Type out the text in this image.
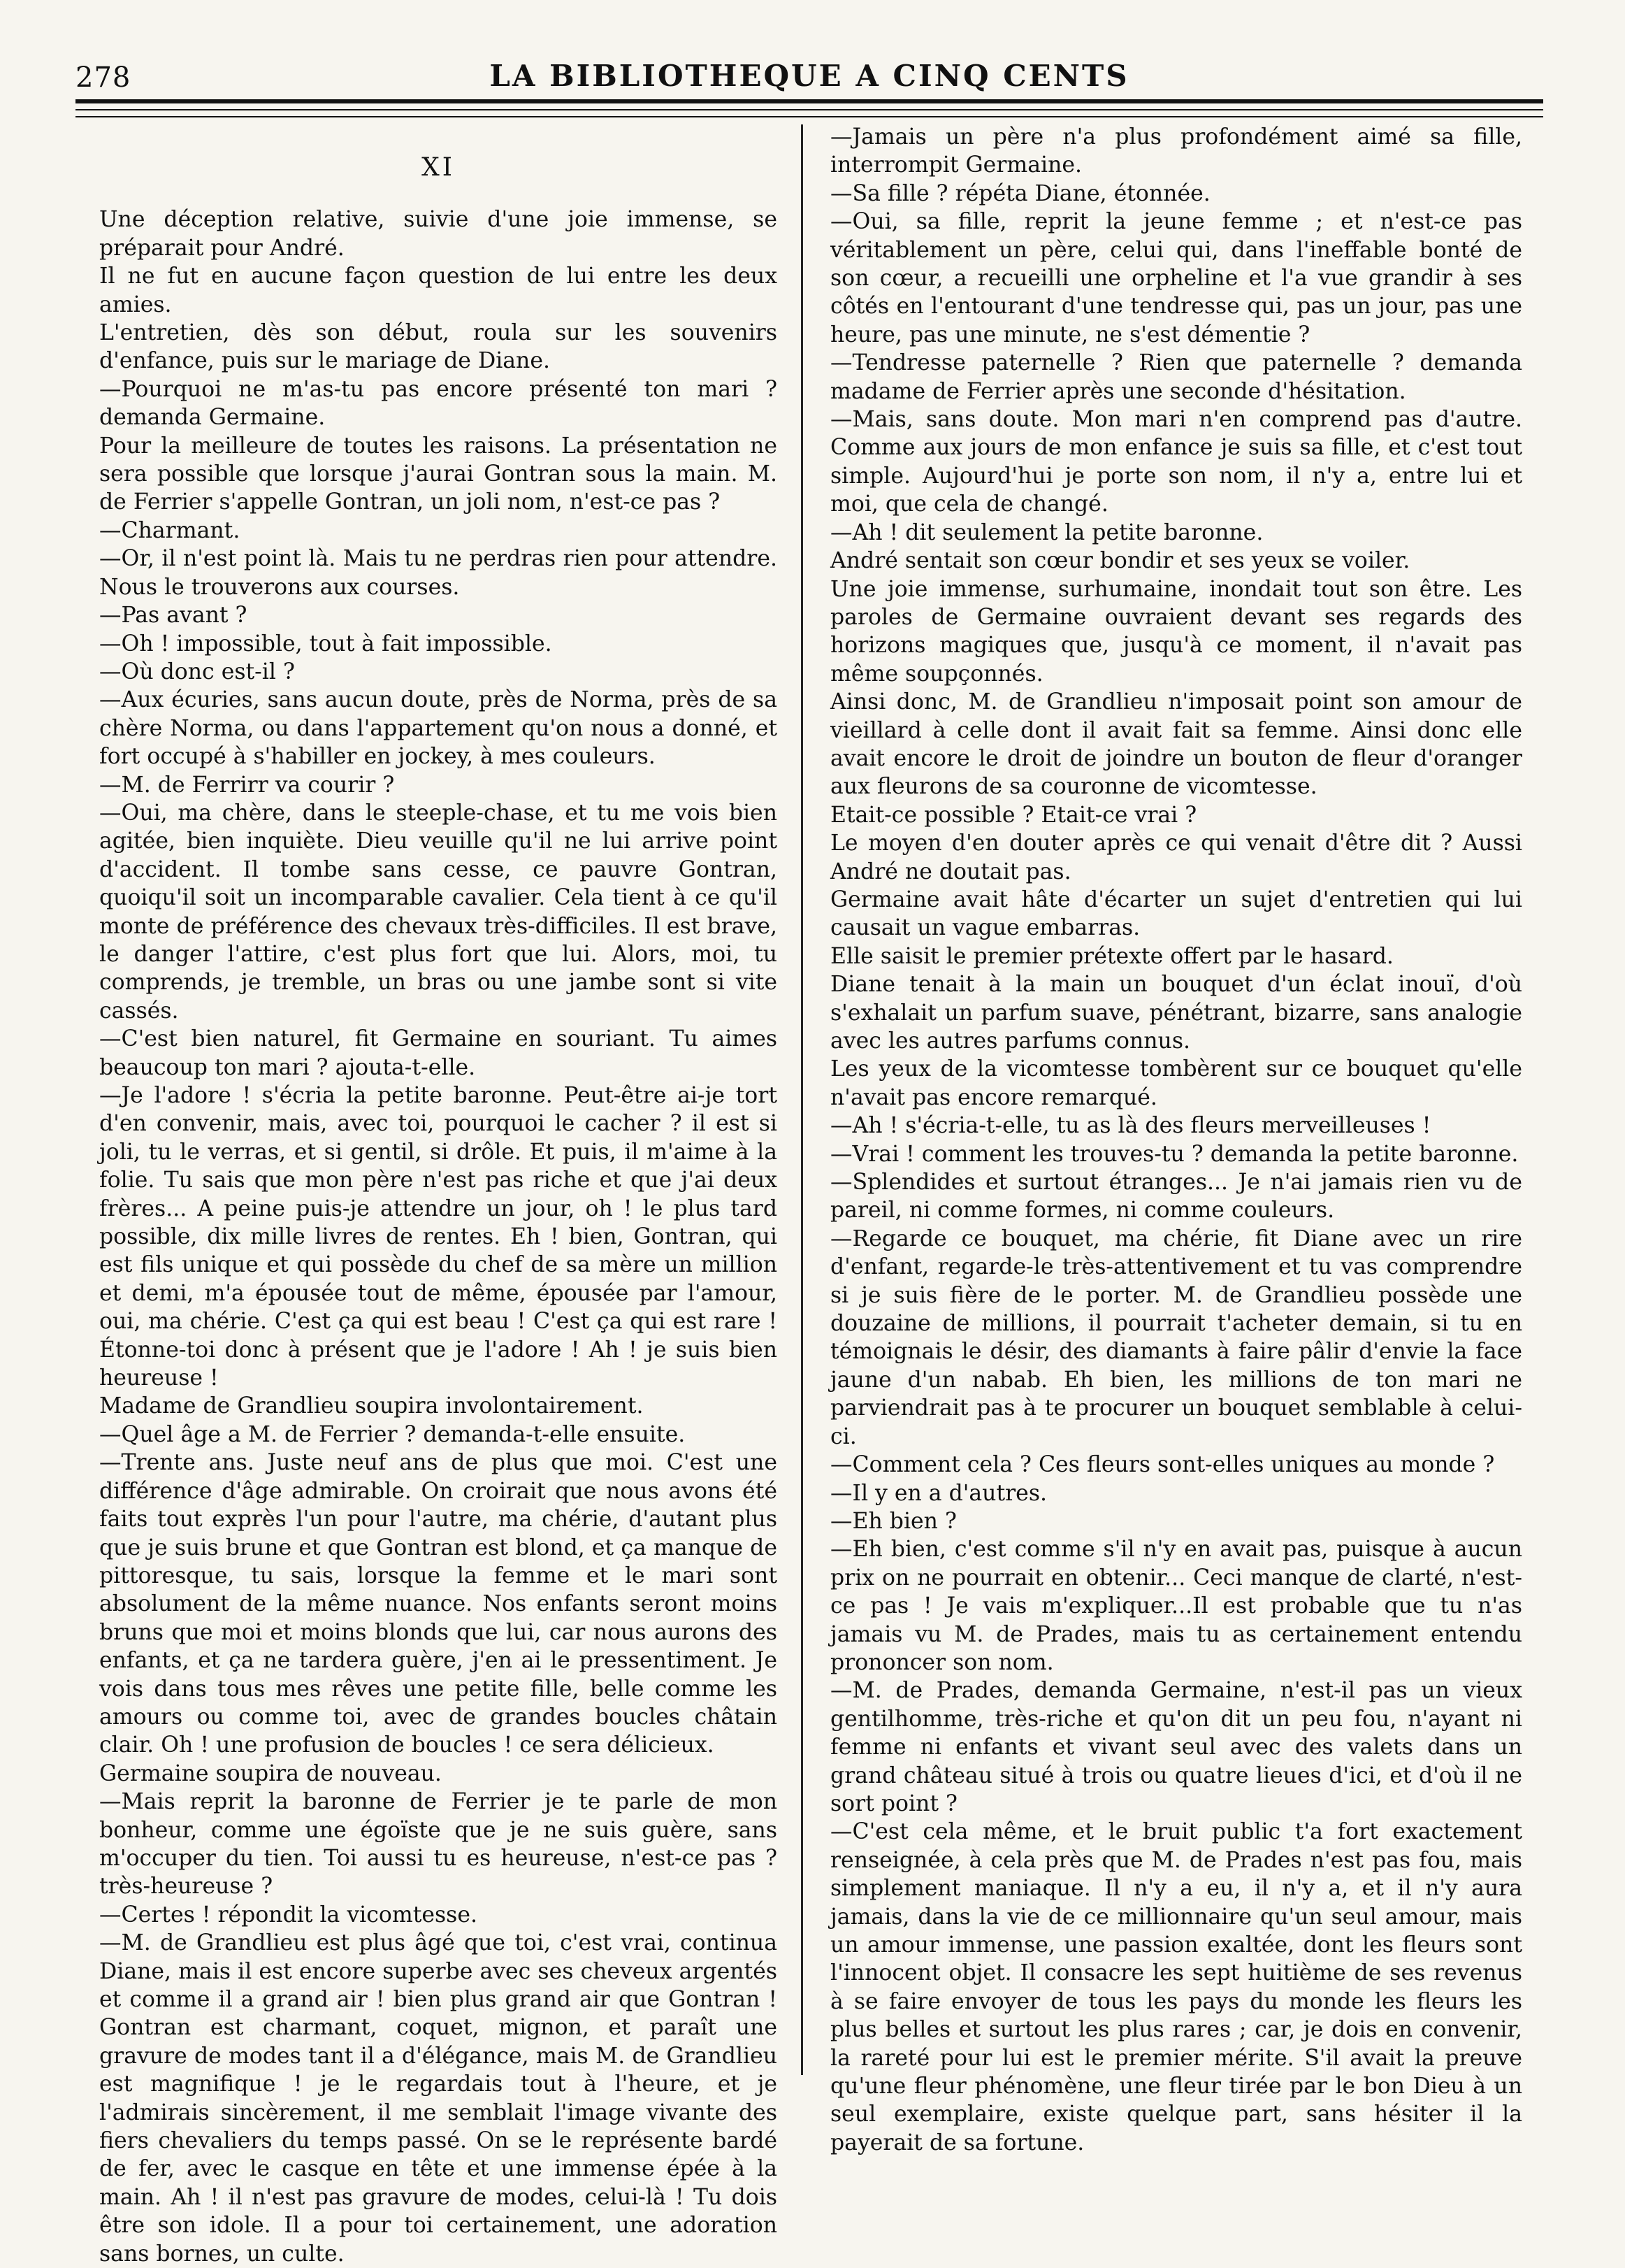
278	LA BIBLIOTHEQUE A CINQ CENTS
XI

Une déception relative, suivie d'une joie immense, se préparait pour André.

Il ne fut en aucune façon question de lui entre les deux amies.

L'entretien, dès son début, roula sur les souvenirs d'enfance, puis sur le mariage de Diane.

—Pourquoi ne m'as-tu pas encore présenté ton mari ? demanda Germaine.

Pour la meilleure de toutes les raisons. La présentation ne sera possible que lorsque j'aurai Gontran sous la main. M. de Ferrier s'appelle Gontran, un joli nom, n'est-ce pas ?

—Charmant.

—Or, il n'est point là. Mais tu ne perdras rien pour attendre. Nous le trouverons aux courses.

—Pas avant ?

—Oh ! impossible, tout à fait impossible.

—Où donc est-il ?

—Aux écuries, sans aucun doute, près de Norma, près de sa chère Norma, ou dans l'appartement qu'on nous a donné, et fort occupé à s'habiller en jockey, à mes couleurs.

—M. de Ferrirr va courir ?

—Oui, ma chère, dans le steeple-chase, et tu me vois bien agitée, bien inquiète. Dieu veuille qu'il ne lui arrive point d'accident. Il tombe sans cesse, ce pauvre Gontran, quoiqu'il soit un incomparable cavalier. Cela tient à ce qu'il monte de préférence des chevaux très-difficiles. Il est brave, le danger l'attire, c'est plus fort que lui. Alors, moi, tu comprends, je tremble, un bras ou une jambe sont si vite cassés.

—C'est bien naturel, fit Germaine en souriant. Tu aimes beaucoup ton mari ? ajouta-t-elle.

—Je l'adore ! s'écria la petite baronne. Peut-être ai-je tort d'en convenir, mais, avec toi, pourquoi le cacher ? il est si joli, tu le verras, et si gentil, si drôle. Et puis, il m'aime à la folie. Tu sais que mon père n'est pas riche et que j'ai deux frères... A peine puis-je attendre un jour, oh ! le plus tard possible, dix mille livres de rentes. Eh ! bien, Gontran, qui est fils unique et qui possède du chef de sa mère un million et demi, m'a épousée tout de même, épousée par l'amour, oui, ma chérie. C'est ça qui est beau ! C'est ça qui est rare ! Étonne-toi donc à présent que je l'adore ! Ah ! je suis bien heureuse !

Madame de Grandlieu soupira involontairement.

—Quel âge a M. de Ferrier ? demanda-t-elle ensuite.

—Trente ans. Juste neuf ans de plus que moi. C'est une différence d'âge admirable. On croirait que nous avons été faits tout exprès l'un pour l'autre, ma chérie, d'autant plus que je suis brune et que Gontran est blond, et ça manque de pittoresque, tu sais, lorsque la femme et le mari sont absolument de la même nuance. Nos enfants seront moins bruns que moi et moins blonds que lui, car nous aurons des enfants, et ça ne tardera guère, j'en ai le pressentiment. Je vois dans tous mes rêves une petite fille, belle comme les amours ou comme toi, avec de grandes boucles châtain clair. Oh ! une profusion de boucles ! ce sera délicieux.

Germaine soupira de nouveau.

—Mais reprit la baronne de Ferrier je te parle de mon bonheur, comme une égoïste que je ne suis guère, sans m'occuper du tien. Toi aussi tu es heureuse, n'est-ce pas ? très-heureuse ?

—Certes ! répondit la vicomtesse.

—M. de Grandlieu est plus âgé que toi, c'est vrai, continua Diane, mais il est encore superbe avec ses cheveux argentés et comme il a grand air ! bien plus grand air que Gontran ! Gontran est charmant, coquet, mignon, et paraît une gravure de modes tant il a d'élégance, mais M. de Grandlieu est magnifique ! je le regardais tout à l'heure, et je l'admirais sincèrement, il me semblait l'image vivante des fiers chevaliers du temps passé. On se le représente bardé de fer, avec le casque en tête et une immense épée à la main. Ah ! il n'est pas gravure de modes, celui-là ! Tu dois être son idole. Il a pour toi certainement, une adoration sans bornes, un culte.

—Jamais un père n'a plus profondément aimé sa fille, interrompit Germaine.

—Sa fille ? répéta Diane, étonnée.

—Oui, sa fille, reprit la jeune femme ; et n'est-ce pas véritablement un père, celui qui, dans l'ineffable bonté de son cœur, a recueilli une orpheline et l'a vue grandir à ses côtés en l'entourant d'une tendresse qui, pas un jour, pas une heure, pas une minute, ne s'est démentie ?

—Tendresse paternelle ? Rien que paternelle ? demanda madame de Ferrier après une seconde d'hésitation.

—Mais, sans doute. Mon mari n'en comprend pas d'autre. Comme aux jours de mon enfance je suis sa fille, et c'est tout simple. Aujourd'hui je porte son nom, il n'y a, entre lui et moi, que cela de changé.

—Ah ! dit seulement la petite baronne.

André sentait son cœur bondir et ses yeux se voiler.

Une joie immense, surhumaine, inondait tout son être. Les paroles de Germaine ouvraient devant ses regards des horizons magiques que, jusqu'à ce moment, il n'avait pas même soupçonnés.

Ainsi donc, M. de Grandlieu n'imposait point son amour de vieillard à celle dont il avait fait sa femme. Ainsi donc elle avait encore le droit de joindre un bouton de fleur d'oranger aux fleurons de sa couronne de vicomtesse.

Etait-ce possible ? Etait-ce vrai ?

Le moyen d'en douter après ce qui venait d'être dit ? Aussi André ne doutait pas.

Germaine avait hâte d'écarter un sujet d'entretien qui lui causait un vague embarras.

Elle saisit le premier prétexte offert par le hasard.

Diane tenait à la main un bouquet d'un éclat inouï, d'où s'exhalait un parfum suave, pénétrant, bizarre, sans analogie avec les autres parfums connus.

Les yeux de la vicomtesse tombèrent sur ce bouquet qu'elle n'avait pas encore remarqué.

—Ah ! s'écria-t-elle, tu as là des fleurs merveilleuses !

—Vrai ! comment les trouves-tu ? demanda la petite baronne.

—Splendides et surtout étranges... Je n'ai jamais rien vu de pareil, ni comme formes, ni comme couleurs.

—Regarde ce bouquet, ma chérie, fit Diane avec un rire d'enfant, regarde-le très-attentivement et tu vas comprendre si je suis fière de le porter. M. de Grandlieu possède une douzaine de millions, il pourrait t'acheter demain, si tu en témoignais le désir, des diamants à faire pâlir d'envie la face jaune d'un nabab. Eh bien, les millions de ton mari ne parviendrait pas à te procurer un bouquet semblable à celui-ci.

—Comment cela ? Ces fleurs sont-elles uniques au monde ?

—Il y en a d'autres.

—Eh bien ?

—Eh bien, c'est comme s'il n'y en avait pas, puisque à aucun prix on ne pourrait en obtenir... Ceci manque de clarté, n'est-ce pas ! Je vais m'expliquer...Il est probable que tu n'as jamais vu M. de Prades, mais tu as certainement entendu prononcer son nom.

—M. de Prades, demanda Germaine, n'est-il pas un vieux gentilhomme, très-riche et qu'on dit un peu fou, n'ayant ni femme ni enfants et vivant seul avec des valets dans un grand château situé à trois ou quatre lieues d'ici, et d'où il ne sort point ?

—C'est cela même, et le bruit public t'a fort exactement renseignée, à cela près que M. de Prades n'est pas fou, mais simplement maniaque. Il n'y a eu, il n'y a, et il n'y aura jamais, dans la vie de ce millionnaire qu'un seul amour, mais un amour immense, une passion exaltée, dont les fleurs sont l'innocent objet. Il consacre les sept huitième de ses revenus à se faire envoyer de tous les pays du monde les fleurs les plus belles et surtout les plus rares ; car, je dois en convenir, la rareté pour lui est le premier mérite. S'il avait la preuve qu'une fleur phénomène, une fleur tirée par le bon Dieu à un seul exemplaire, existe quelque part, sans hésiter il la payerait de sa fortune.
